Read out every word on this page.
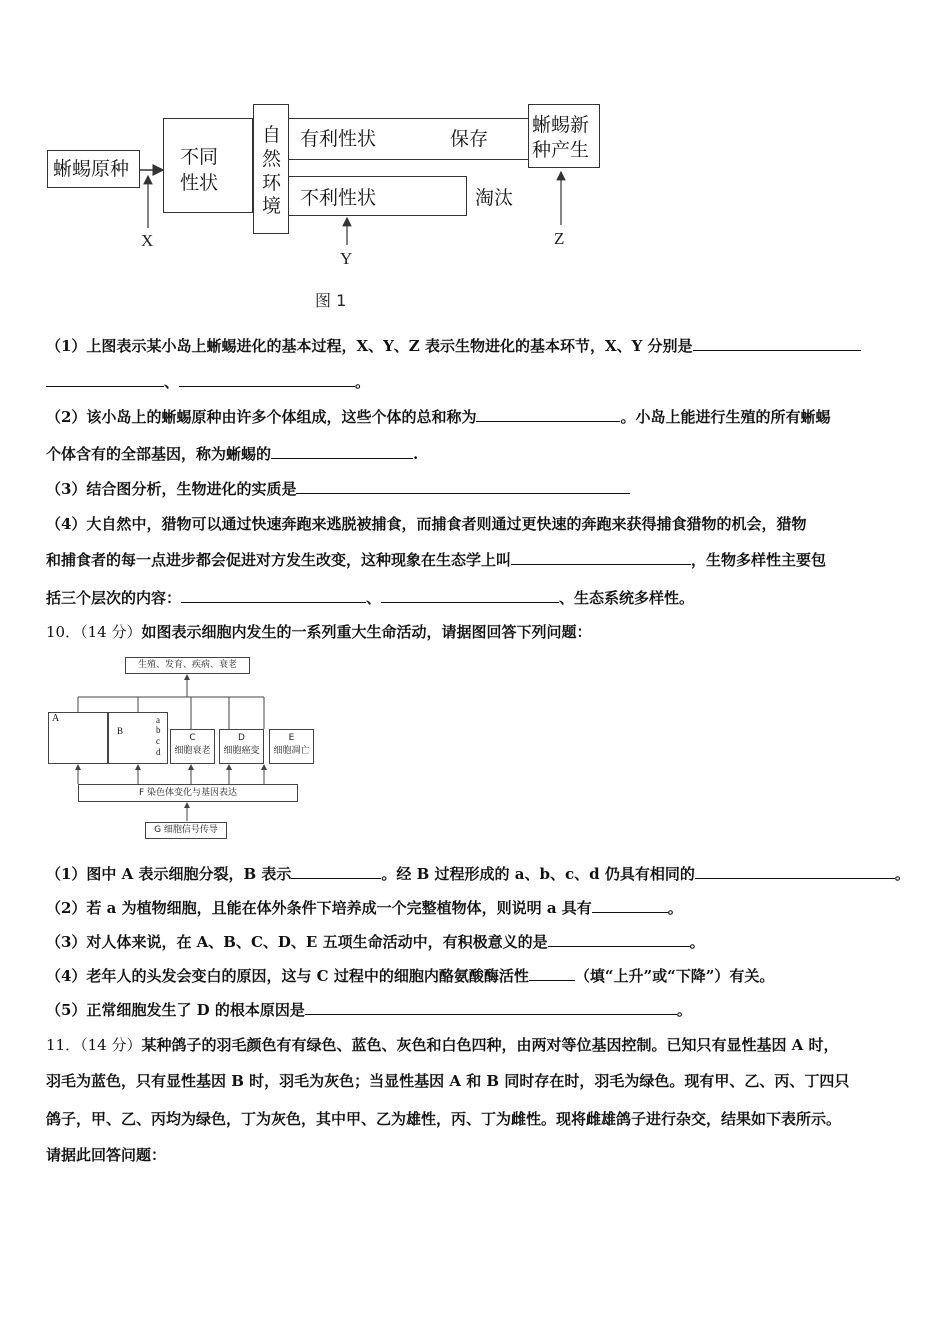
蜥蜴原种
不同
性状
自
然
环
境
有利性状	保存
不利性状	淘汰
蜥蜴新
种产生
X
Y
Z
图 1
（1）上图表示某小岛上蜥蜴进化的基本过程，X、Y、Z 表示生物进化的基本环节，X、Y 分别是
、	。
（2）该小岛上的蜥蜴原种由许多个体组成，这些个体的总和称为	。小岛上能进行生殖的所有蜥蜴
个体含有的全部基因，称为蜥蜴的	.
（3）结合图分析，生物进化的实质是
（4）大自然中，猎物可以通过快速奔跑来逃脱被捕食，而捕食者则通过更快速的奔跑来获得捕食猎物的机会，猎物
和捕食者的每一点进步都会促进对方发生改变，这种现象在生态学上叫	，生物多样性主要包
括三个层次的内容：	、	、生态系统多样性。
10．（14 分）如图表示细胞内发生的一系列重大生命活动，请据图回答下列问题：
生殖、发育、疾病、衰老
A
B
a
b
c
d
C
细胞衰老
D
细胞癌变
E
细胞凋亡
F 染色体变化与基因表达
G 细胞信号传导
（1）图中 A 表示细胞分裂，B 表示	。经 B 过程形成的 a、b、c、d 仍具有相同的	。
（2）若 a 为植物细胞，且能在体外条件下培养成一个完整植物体，则说明 a 具有	。
（3）对人体来说，在 A、B、C、D、E 五项生命活动中，有积极意义的是	。
（4）老年人的头发会变白的原因，这与 C 过程中的细胞内酪氨酸酶活性	（填“上升”或“下降”）有关。
（5）正常细胞发生了 D 的根本原因是	。
11．（14 分）某种鸽子的羽毛颜色有有绿色、蓝色、灰色和白色四种，由两对等位基因控制。已知只有显性基因 A 时，
羽毛为蓝色，只有显性基因 B 时，羽毛为灰色；当显性基因 A 和 B 同时存在时，羽毛为绿色。现有甲、乙、丙、丁四只
鸽子，甲、乙、丙均为绿色，丁为灰色，其中甲、乙为雄性，丙、丁为雌性。现将雌雄鸽子进行杂交，结果如下表所示。
请据此回答问题：
